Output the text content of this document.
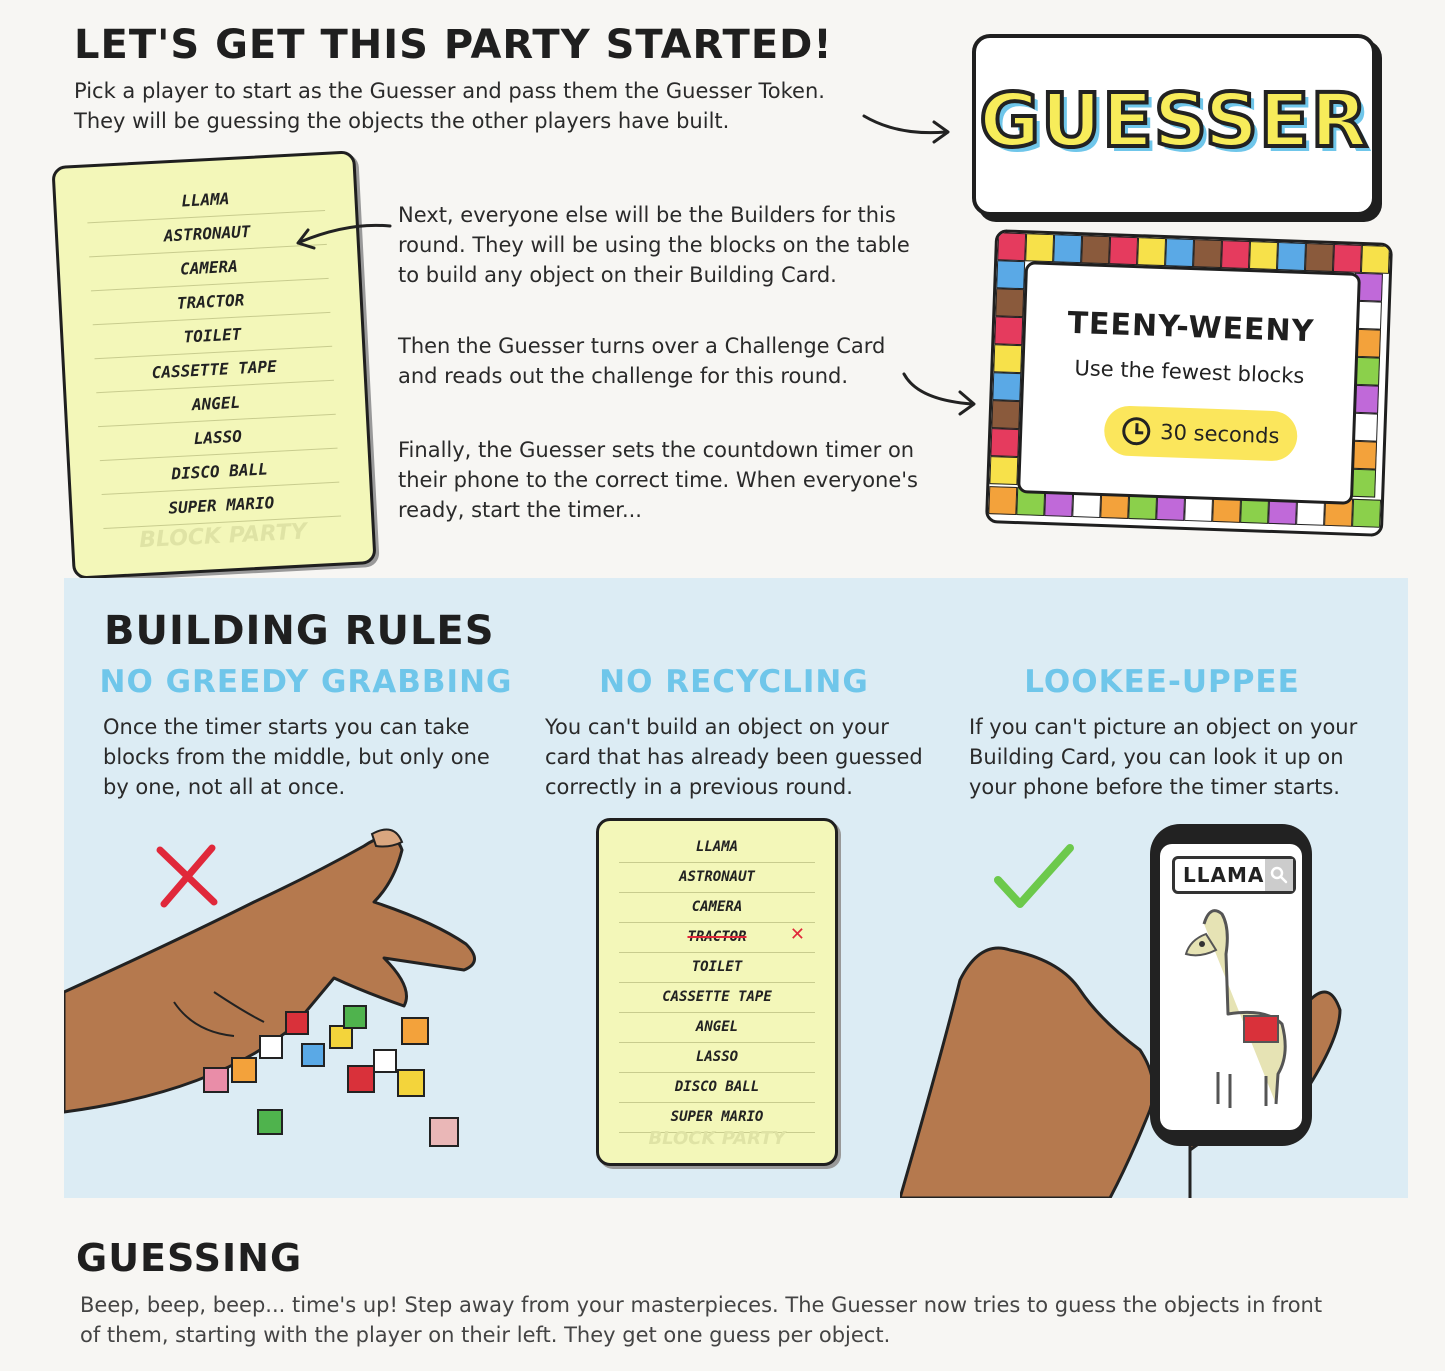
LET'S GET THIS PARTY STARTED!
Pick a player to start as the Guesser and pass them the Guesser Token.
They will be guessing the objects the other players have built.	GUESSER
LLAMA
ASTRONAUT
CAMERA
TRACTOR
TOILET
CASSETTE TAPE
ANGEL
LASSO
DISCO BALL
SUPER MARIO
BLOCK PARTY
Next, everyone else will be the Builders for this
round. They will be using the blocks on the table
to build any object on their Building Card.
Then the Guesser turns over a Challenge Card
and reads out the challenge for this round.
Finally, the Guesser sets the countdown timer on
their phone to the correct time. When everyone's
ready, start the timer...
TEENY-WEENY
Use the fewest blocks
30 seconds
BUILDING RULES
NO GREEDY GRABBING
Once the timer starts you can take
blocks from the middle, but only one
by one, not all at once.
NO RECYCLING
You can't build an object on your
card that has already been guessed
correctly in a previous round.
LLAMA
ASTRONAUT
CAMERA
TRACTOR
TOILET
CASSETTE TAPE
ANGEL
LASSO
DISCO BALL
SUPER MARIO
✕
BLOCK PARTY
LOOKEE-UPPEE
If you can't picture an object on your
Building Card, you can look it up on
your phone before the timer starts.
LLAMA
GUESSING
Beep, beep, beep... time's up! Step away from your masterpieces. The Guesser now tries to guess the objects in front
of them, starting with the player on their left. They get one guess per object.
